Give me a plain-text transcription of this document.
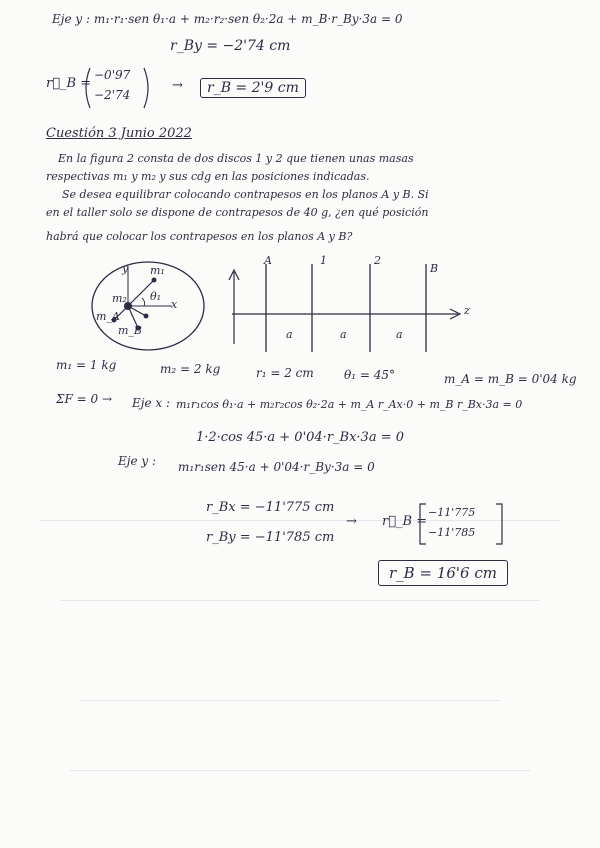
Eje y : m₁·r₁·sen θ₁·a + m₂·r₂·sen θ₂·2a + m_B·r_By·3a = 0
r_By = −2'74 cm
r⃗_B =
−0'97
−2'74
→	r_B = 2'9 cm
Cuestión 3 Junio 2022
En la figura 2 consta de dos discos 1 y 2 que tienen unas masas
respectivas m₁ y m₂ y sus cdg en las posiciones indicadas.
Se desea equilibrar colocando contrapesos en los planos A y B. Si
en el taller solo se dispone de contrapesos de 40 g, ¿en qué posición
habrá que colocar los contrapesos en los planos A y B?
y
x
m₁
m₂
m_A
m_B
θ₁
A	1	2
B
z
a	a	a
m₁ = 1 kg	m₂ = 2 kg	r₁ = 2 cm	θ₁ = 45°	m_A = m_B = 0'04 kg
ΣF = 0 → Eje x : m₁r₁cos θ₁·a + m₂r₂cos θ₂·2a + m_A r_Ax·0 + m_B r_Bx·3a = 0
1·2·cos 45·a + 0'04·r_Bx·3a = 0
Eje y : m₁r₁sen 45·a + 0'04·r_By·3a = 0
r_Bx = −11'775 cm
r_By = −11'785 cm
→ r⃗_B =
−11'775
−11'785
r_B = 16'6 cm
